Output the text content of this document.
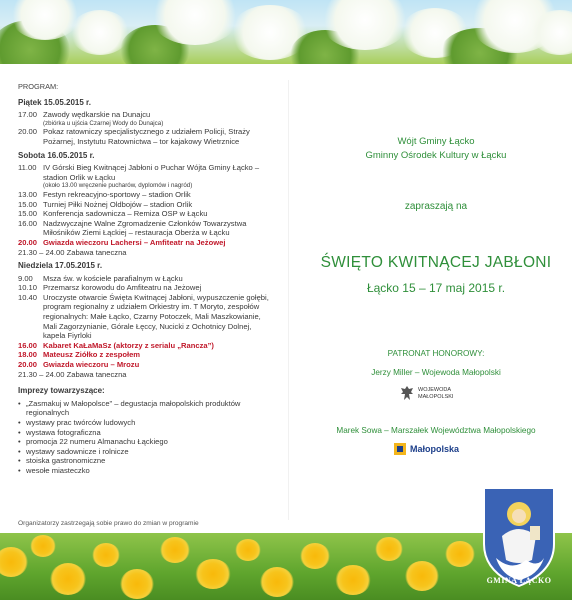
PROGRAM:
Piątek 15.05.2015 r.
17.00 Zawody wędkarskie na Dunajcu
(zbiórka u ujścia Czarnej Wody do Dunajca)
20.00 Pokaz ratowniczy specjalistycznego z udziałem Policji, Straży Pożarnej, Instytutu Ratownictwa – tor kajakowy Wietrznice
Sobota 16.05.2015 r.
11.00 IV Górski Bieg Kwitnącej Jabłoni o Puchar Wójta Gminy Łącko – stadion Orlik w Łącku
(około 13.00 wręczenie pucharów, dyplomów i nagród)
13.00 Festyn rekreacyjno-sportowy – stadion Orlik
15.00 Turniej Piłki Nożnej Oldbojów – stadion Orlik
15.00 Konferencja sadownicza – Remiza OSP w Łącku
16.00 Nadzwyczajne Walne Zgromadzenie Członków Towarzystwa Miłośników Ziemi Łąckiej – restauracja Oberża w Łącku
20.00 Gwiazda wieczoru Lachersi – Amfiteatr na Jeżowej
21.30 – 24.00 Zabawa taneczna
Niedziela 17.05.2015 r.
9.00	Msza św. w kościele parafialnym w Łącku
10.10 Przemarsz korowodu do Amfiteatru na Jeżowej
10.40 Uroczyste otwarcie Święta Kwitnącej Jabłoni, wypuszczenie gołębi, program regionalny z udziałem Orkiestry im. T Moryto, zespołów regionalnych: Małe Łącko, Czarny Potoczek, Mali Maszkowianie, Mali Zagorzynianie, Górale Łęccy, Nucicki z Ochotnicy Dolnej, kapela Fiyrloki
16.00 Kabaret KaŁaMaSz (aktorzy z serialu „Rancza”)
18.00 Mateusz Ziółko z zespołem
20.00 Gwiazda wieczoru – Mrozu
21.30 – 24.00 Zabawa taneczna
Imprezy towarzyszące:
• „Zasmakuj w Małopolsce” – degustacja małopolskich produktów regionalnych
• wystawy prac twórców ludowych
• wystawa fotograficzna
• promocja 22 numeru Almanachu Łąckiego
• wystawy sadownicze i rolnicze
• stoiska gastronomiczne
• wesołe miasteczko
Organizatorzy zastrzegają sobie prawo do zmian w programie
Wójt Gminy Łącko
Gminny Ośrodek Kultury w Łącku
zapraszają na
ŚWIĘTO KWITNĄCEJ JABŁONI
Łącko 15 – 17 maj 2015 r.
PATRONAT HONOROWY:
Jerzy Miller – Wojewoda Małopolski
WOJEWODA
MAŁOPOLSKI
Marek Sowa – Marszałek Województwa Małopolskiego
Małopolska
GMINA ŁĄCKO
